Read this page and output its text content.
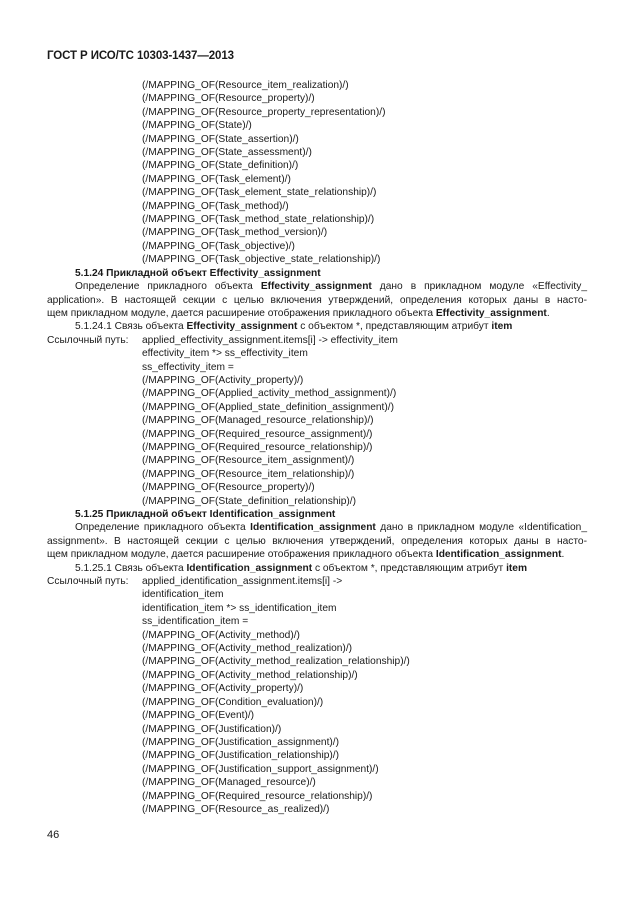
ГОСТ Р ИСО/ТС 10303-1437—2013
(/MAPPING_OF(Resource_item_realization)/)
(/MAPPING_OF(Resource_property)/)
(/MAPPING_OF(Resource_property_representation)/)
(/MAPPING_OF(State)/)
(/MAPPING_OF(State_assertion)/)
(/MAPPING_OF(State_assessment)/)
(/MAPPING_OF(State_definition)/)
(/MAPPING_OF(Task_element)/)
(/MAPPING_OF(Task_element_state_relationship)/)
(/MAPPING_OF(Task_method)/)
(/MAPPING_OF(Task_method_state_relationship)/)
(/MAPPING_OF(Task_method_version)/)
(/MAPPING_OF(Task_objective)/)
(/MAPPING_OF(Task_objective_state_relationship)/)
5.1.24 Прикладной объект Effectivity_assignment
Определение прикладного объекта Effectivity_assignment дано в прикладном модуле «Effectivity_
application». В настоящей секции с целью включения утверждений, определения которых даны в насто-
щем прикладном модуле, дается расширение отображения прикладного объекта Effectivity_assignment.
5.1.24.1 Связь объекта Effectivity_assignment с объектом *, представляющим атрибут item
Ссылочный путь:	applied_effectivity_assignment.items[i] -> effectivity_item
effectivity_item *> ss_effectivity_item
ss_effectivity_item =
(/MAPPING_OF(Activity_property)/)
(/MAPPING_OF(Applied_activity_method_assignment)/)
(/MAPPING_OF(Applied_state_definition_assignment)/)
(/MAPPING_OF(Managed_resource_relationship)/)
(/MAPPING_OF(Required_resource_assignment)/)
(/MAPPING_OF(Required_resource_relationship)/)
(/MAPPING_OF(Resource_item_assignment)/)
(/MAPPING_OF(Resource_item_relationship)/)
(/MAPPING_OF(Resource_property)/)
(/MAPPING_OF(State_definition_relationship)/)
5.1.25 Прикладной объект Identification_assignment
Определение прикладного объекта Identification_assignment дано в прикладном модуле «Identification_
assignment». В настоящей секции с целью включения утверждений, определения которых даны в насто-
щем прикладном модуле, дается расширение отображения прикладного объекта Identification_assignment.
5.1.25.1 Связь объекта Identification_assignment с объектом *, представляющим атрибут item
Ссылочный путь:	applied_identification_assignment.items[i] ->
identification_item
identification_item *> ss_identification_item
ss_identification_item =
(/MAPPING_OF(Activity_method)/)
(/MAPPING_OF(Activity_method_realization)/)
(/MAPPING_OF(Activity_method_realization_relationship)/)
(/MAPPING_OF(Activity_method_relationship)/)
(/MAPPING_OF(Activity_property)/)
(/MAPPING_OF(Condition_evaluation)/)
(/MAPPING_OF(Event)/)
(/MAPPING_OF(Justification)/)
(/MAPPING_OF(Justification_assignment)/)
(/MAPPING_OF(Justification_relationship)/)
(/MAPPING_OF(Justification_support_assignment)/)
(/MAPPING_OF(Managed_resource)/)
(/MAPPING_OF(Required_resource_relationship)/)
(/MAPPING_OF(Resource_as_realized)/)
46
